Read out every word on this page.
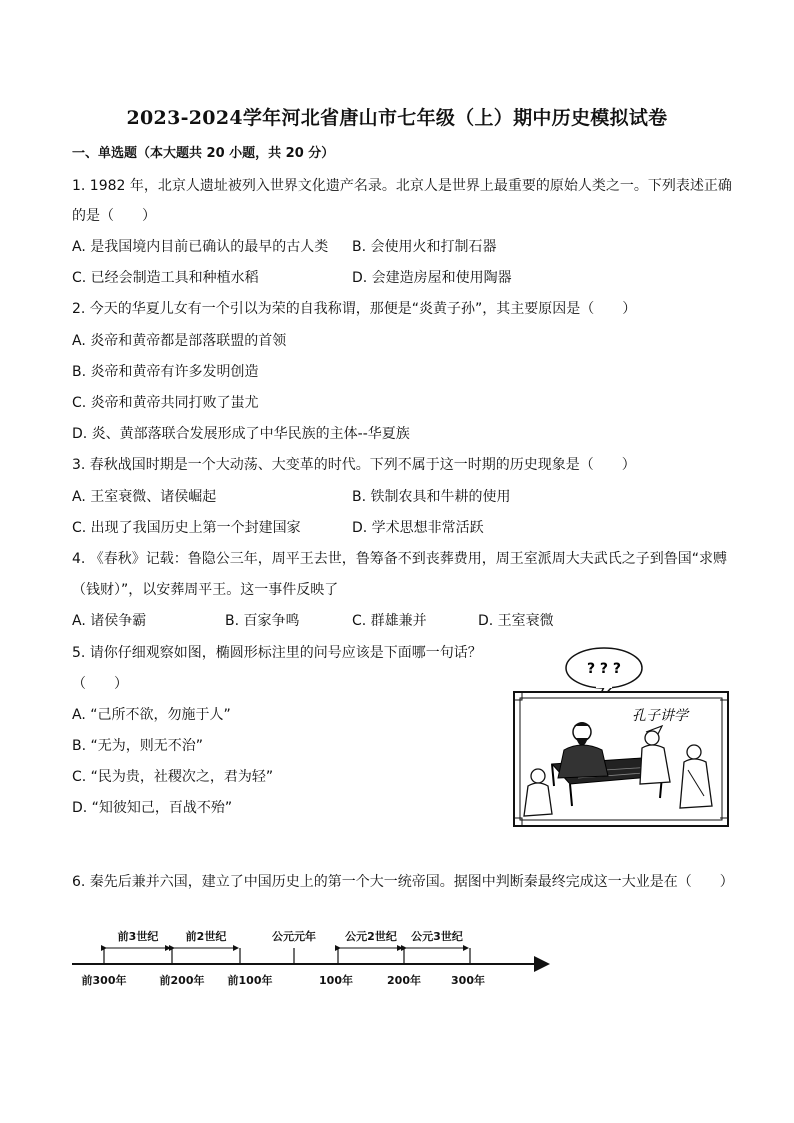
2023-2024学年河北省唐山市七年级（上）期中历史模拟试卷
一、单选题（本大题共 20 小题，共 20 分）
1. 1982 年，北京人遗址被列入世界文化遗产名录。北京人是世界上最重要的原始人类之一。下列表述正确
的是（　　）
A. 是我国境内目前已确认的最早的古人类 B. 会使用火和打制石器
C. 已经会制造工具和种植水稻	D. 会建造房屋和使用陶器
2. 今天的华夏儿女有一个引以为荣的自我称谓，那便是“炎黄子孙”，其主要原因是（　　）
A. 炎帝和黄帝都是部落联盟的首领
B. 炎帝和黄帝有许多发明创造
C. 炎帝和黄帝共同打败了蚩尤
D. 炎、黄部落联合发展形成了中华民族的主体--华夏族
3. 春秋战国时期是一个大动荡、大变革的时代。下列不属于这一时期的历史现象是（　　）
A. 王室衰微、诸侯崛起	B. 铁制农具和牛耕的使用
C. 出现了我国历史上第一个封建国家	D. 学术思想非常活跃
4. 《春秋》记载：鲁隐公三年，周平王去世，鲁筹备不到丧葬费用，周王室派周大夫武氏之子到鲁国“求赙
（钱财）”，以安葬周平王。这一事件反映了
A. 诸侯争霸	B. 百家争鸣	C. 群雄兼并	D. 王室衰微
5. 请你仔细观察如图，椭圆形标注里的问号应该是下面哪一句话？
（　　）
A. “己所不欲，勿施于人”
B. “无为，则无不治”
C. “民为贵，社稷次之，君为轻”
D. “知彼知己，百战不殆”
? ? ?
孔子讲学
6. 秦先后兼并六国，建立了中国历史上的第一个大一统帝国。据图中判断秦最终完成这一大业是在（　　）
前3世纪 前2世纪	公元元年	公元2世纪 公元3世纪
前300年	前200年 前100年	100年	200年	300年
